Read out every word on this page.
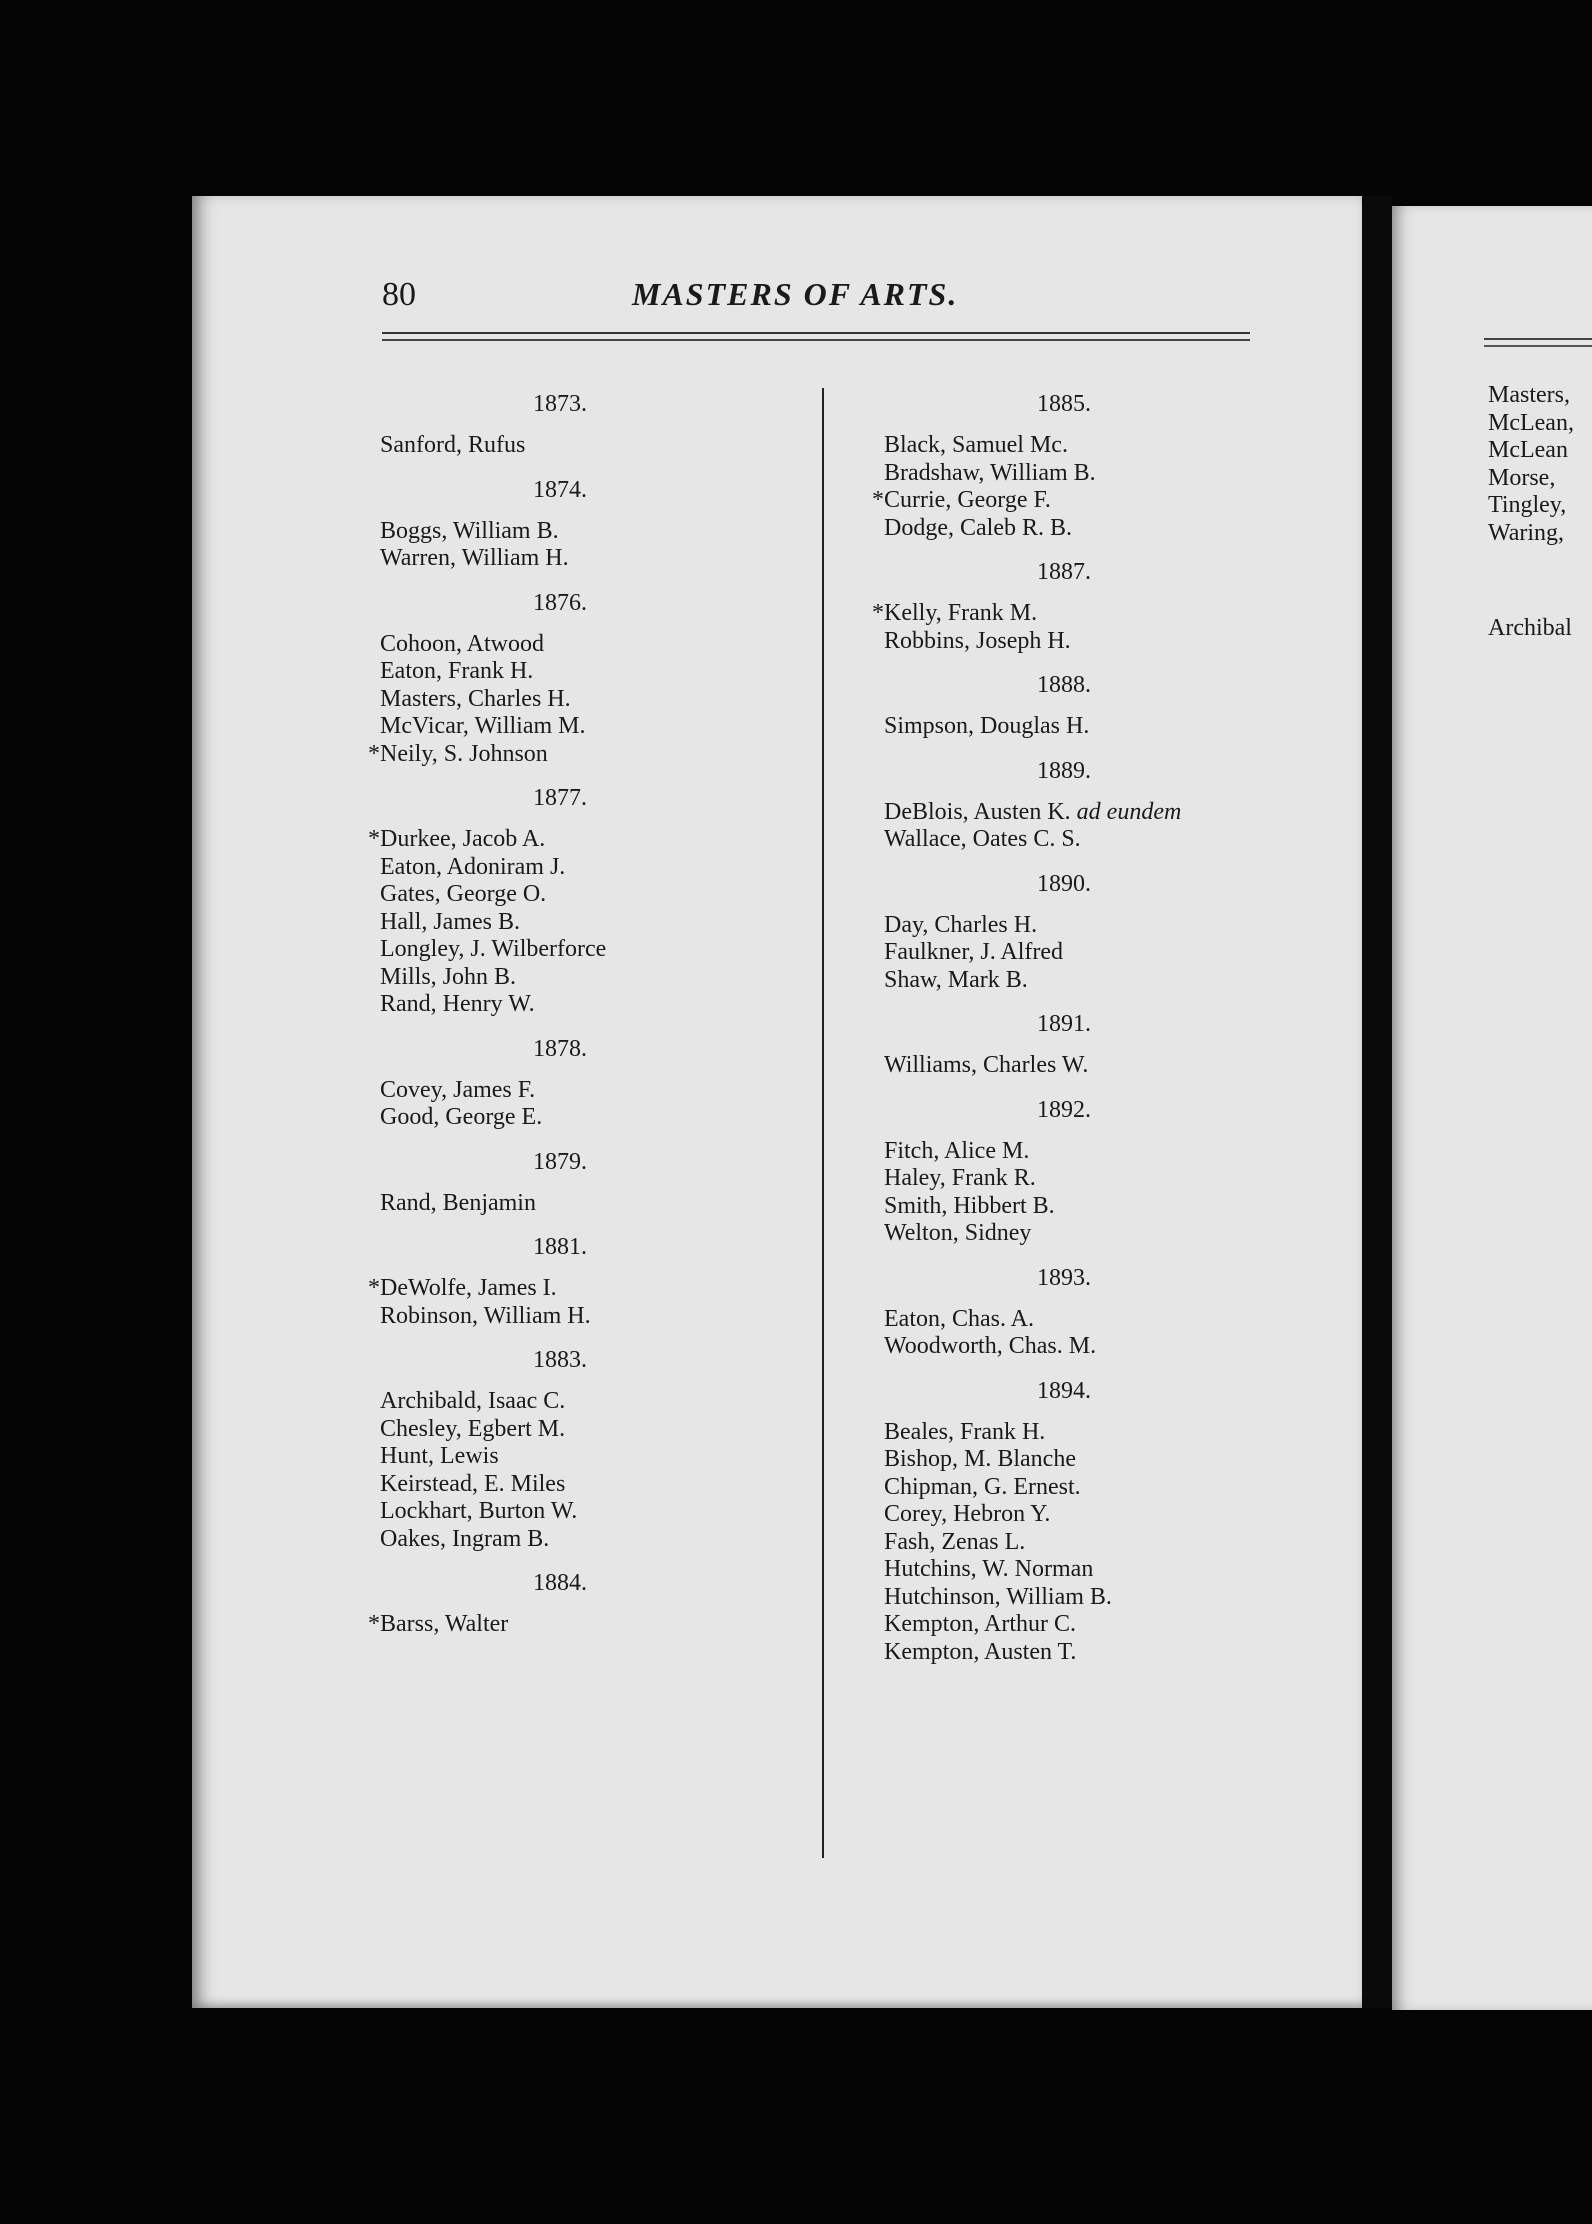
80	MASTERS OF ARTS.
1873.
Sanford, Rufus
1874.
Boggs, William B.
Warren, William H.
1876.
Cohoon, Atwood
Eaton, Frank H.
Masters, Charles H.
McVicar, William M.
*Neily, S. Johnson
1877.
*Durkee, Jacob A.
Eaton, Adoniram J.
Gates, George O.
Hall, James B.
Longley, J. Wilberforce
Mills, John B.
Rand, Henry W.
1878.
Covey, James F.
Good, George E.
1879.
Rand, Benjamin
1881.
*DeWolfe, James I.
Robinson, William H.
1883.
Archibald, Isaac C.
Chesley, Egbert M.
Hunt, Lewis
Keirstead, E. Miles
Lockhart, Burton W.
Oakes, Ingram B.
1884.
*Barss, Walter
1885.
Black, Samuel Mc.
Bradshaw, William B.
*Currie, George F.
Dodge, Caleb R. B.
1887.
*Kelly, Frank M.
Robbins, Joseph H.
1888.
Simpson, Douglas H.
1889.
DeBlois, Austen K. ad eundem
Wallace, Oates C. S.
1890.
Day, Charles H.
Faulkner, J. Alfred
Shaw, Mark B.
1891.
Williams, Charles W.
1892.
Fitch, Alice M.
Haley, Frank R.
Smith, Hibbert B.
Welton, Sidney
1893.
Eaton, Chas. A.
Woodworth, Chas. M.
1894.
Beales, Frank H.
Bishop, M. Blanche
Chipman, G. Ernest.
Corey, Hebron Y.
Fash, Zenas L.
Hutchins, W. Norman
Hutchinson, William B.
Kempton, Arthur C.
Kempton, Austen T.
Masters,
McLean,
McLean
Morse,
Tingley,
Waring,
Archibal
